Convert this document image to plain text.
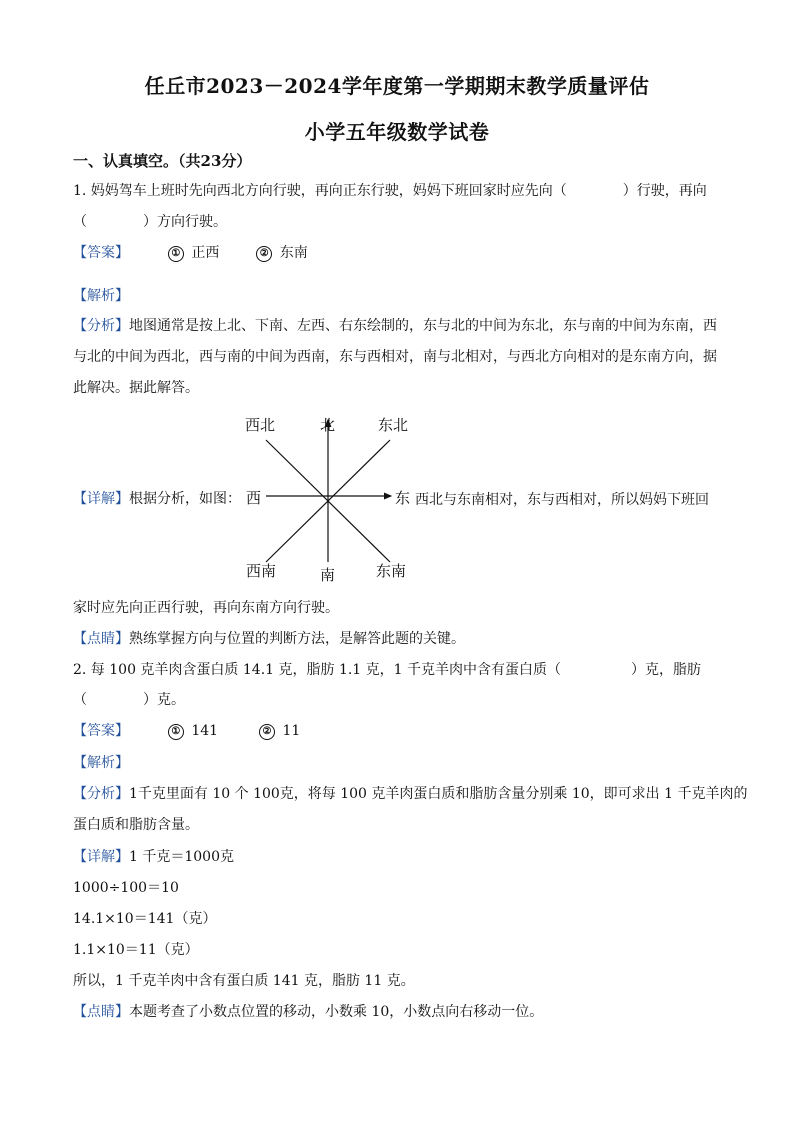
任丘市2023－2024学年度第一学期期末教学质量评估
小学五年级数学试卷
一、认真填空。（共23分）
1. 妈妈驾车上班时先向西北方向行驶，再向正东行驶，妈妈下班回家时应先向（　　　　）行驶，再向
（　　　　）方向行驶。
【答案】	① 正西	② 东南
【解析】
【分析】地图通常是按上北、下南、左西、右东绘制的，东与北的中间为东北，东与南的中间为东南，西
与北的中间为西北，西与南的中间为西南，东与西相对，南与北相对，与西北方向相对的是东南方向，据
此解决。据此解答。
西北	北	东北
西	东
西南	南	东南
【详解】根据分析，如图：	西北与东南相对，东与西相对，所以妈妈下班回
家时应先向正西行驶，再向东南方向行驶。
【点睛】熟练掌握方向与位置的判断方法，是解答此题的关键。
2. 每 100 克羊肉含蛋白质 14.1 克，脂肪 1.1 克，1 千克羊肉中含有蛋白质（　　　　　）克，脂肪
（　　　　）克。
【答案】	① 141	② 11
【解析】
【分析】1千克里面有 10 个 100克，将每 100 克羊肉蛋白质和脂肪含量分别乘 10，即可求出 1 千克羊肉的
蛋白质和脂肪含量。
【详解】1 千克＝1000克
1000÷100＝10
14.1×10＝141（克）
1.1×10＝11（克）
所以，1 千克羊肉中含有蛋白质 141 克，脂肪 11 克。
【点睛】本题考查了小数点位置的移动，小数乘 10，小数点向右移动一位。
